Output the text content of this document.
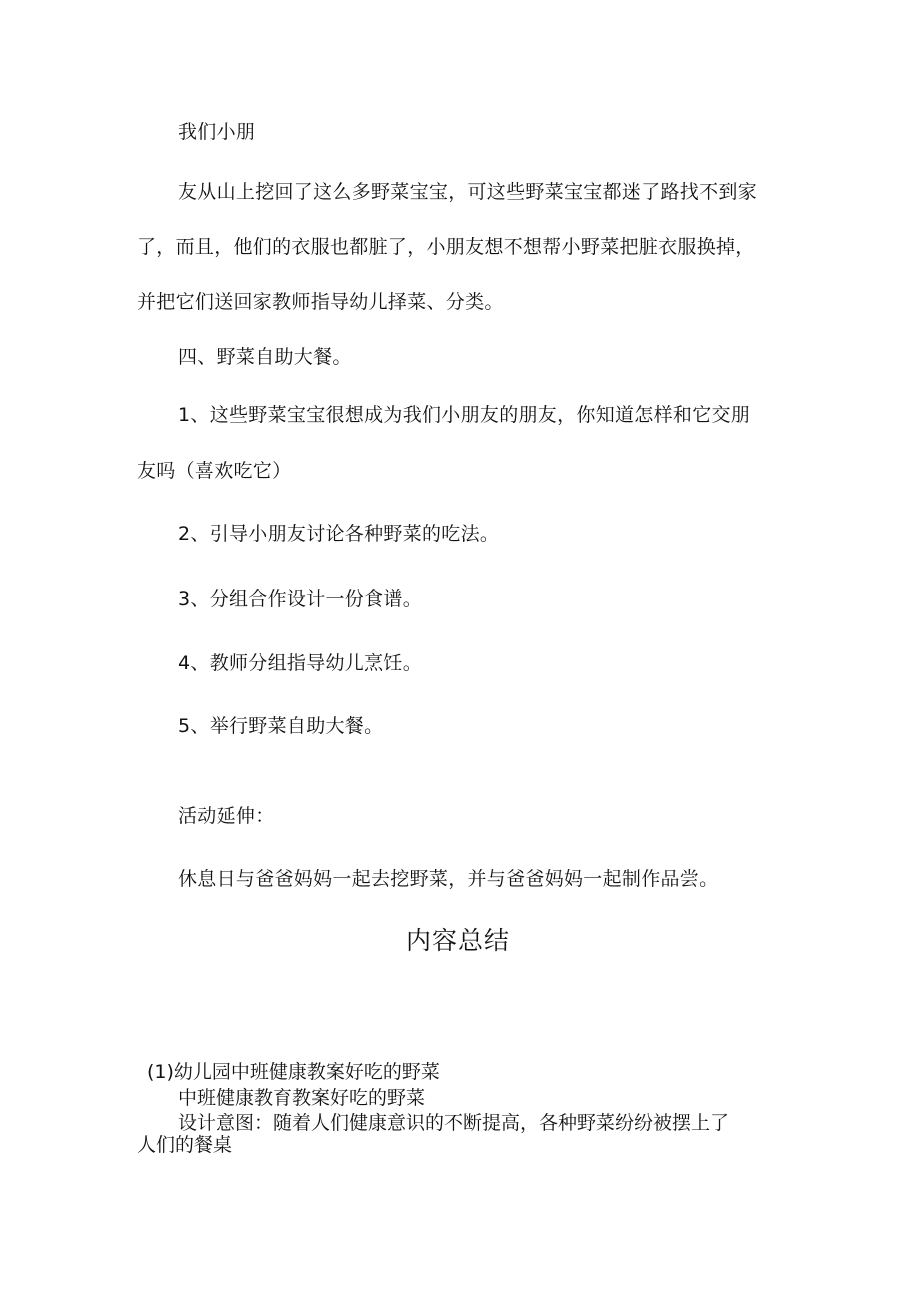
我们小朋
友从山上挖回了这么多野菜宝宝，可这些野菜宝宝都迷了路找不到家
了，而且，他们的衣服也都脏了，小朋友想不想帮小野菜把脏衣服换掉，
并把它们送回家教师指导幼儿择菜、分类。
四、野菜自助大餐。
1、这些野菜宝宝很想成为我们小朋友的朋友，你知道怎样和它交朋
友吗（喜欢吃它）
2、引导小朋友讨论各种野菜的吃法。
3、分组合作设计一份食谱。
4、教师分组指导幼儿烹饪。
5、举行野菜自助大餐。
活动延伸：
休息日与爸爸妈妈一起去挖野菜，并与爸爸妈妈一起制作品尝。
内容总结
(1)幼儿园中班健康教案好吃的野菜
中班健康教育教案好吃的野菜
设计意图：随着人们健康意识的不断提高，各种野菜纷纷被摆上了
人们的餐桌
